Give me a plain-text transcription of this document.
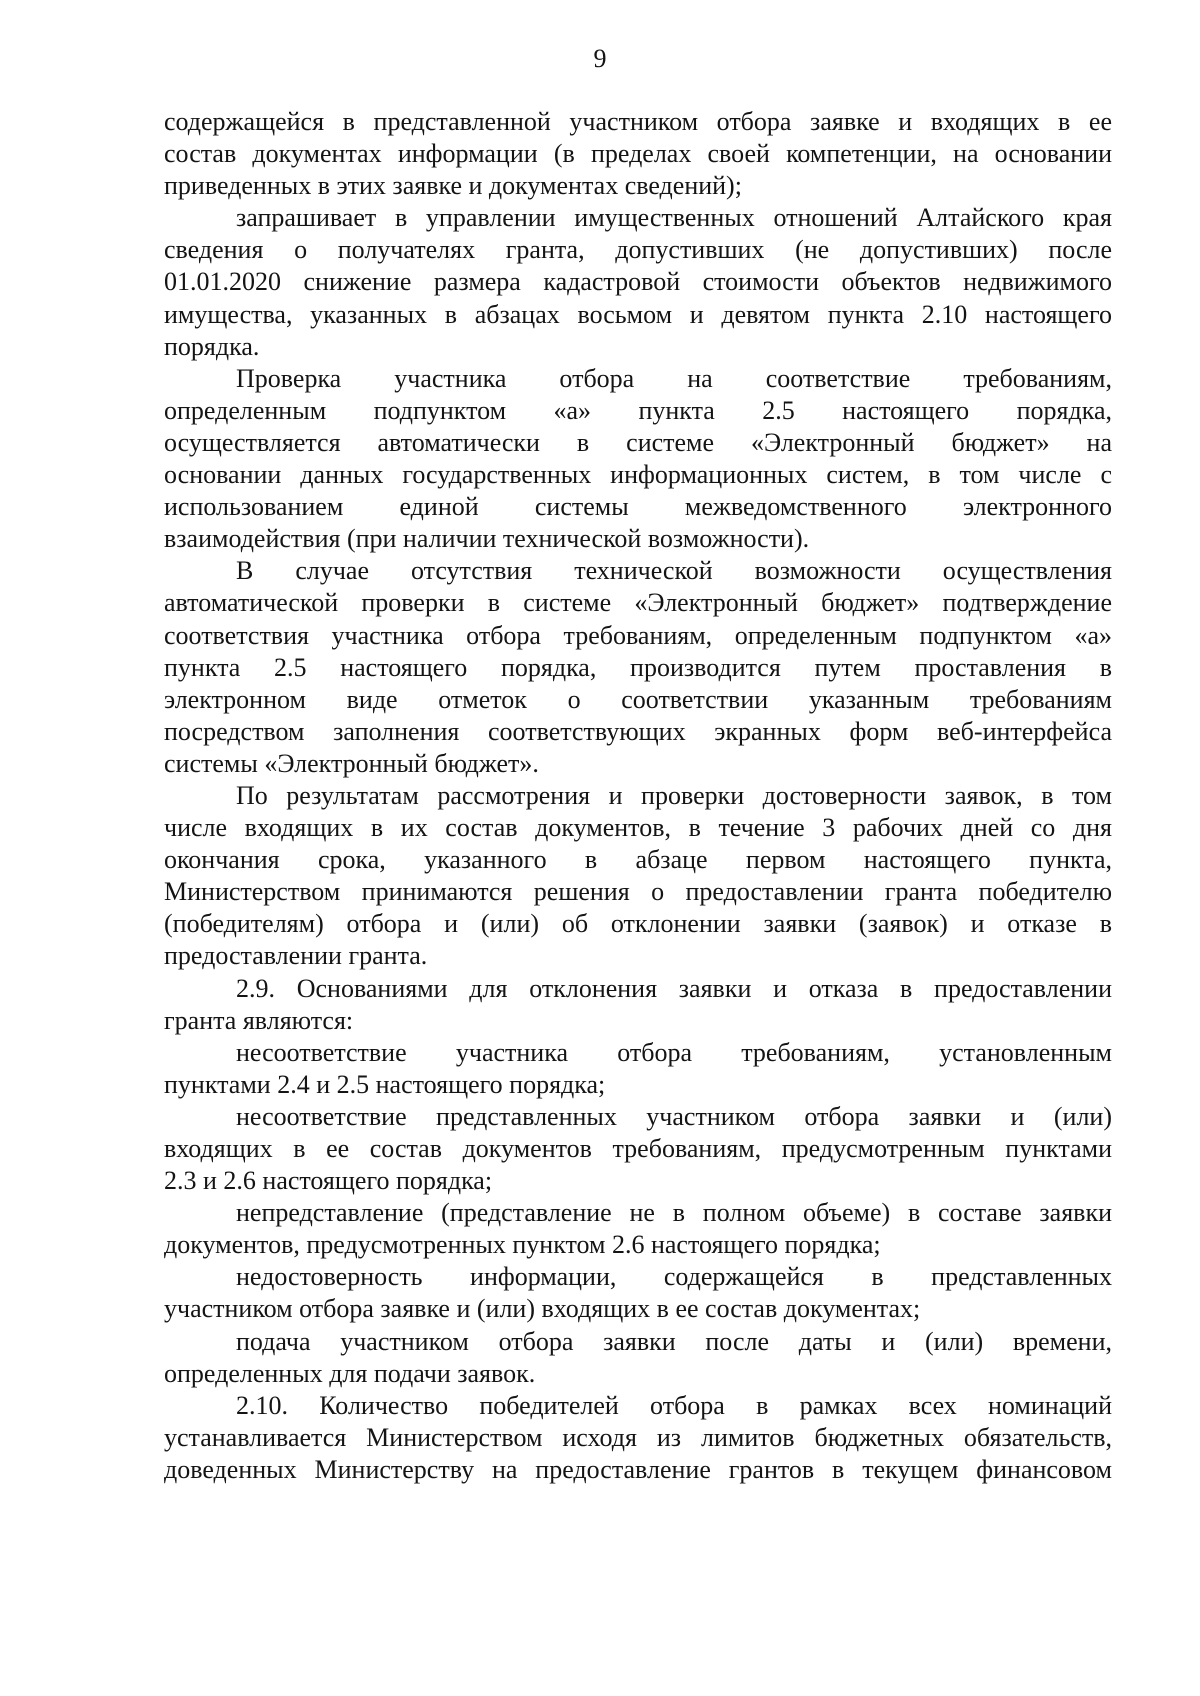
9
содержащейся в представленной участником отбора заявке и входящих в ее
состав документах информации (в пределах своей компетенции, на основании
приведенных в этих заявке и документах сведений);
запрашивает в управлении имущественных отношений Алтайского края
сведения о получателях гранта, допустивших (не допустивших) после
01.01.2020 снижение размера кадастровой стоимости объектов недвижимого
имущества, указанных в абзацах восьмом и девятом пункта 2.10 настоящего
порядка.
Проверка участника отбора на соответствие требованиям,
определенным подпунктом «а» пункта 2.5 настоящего порядка,
осуществляется автоматически в системе «Электронный бюджет» на
основании данных государственных информационных систем, в том числе с
использованием единой системы межведомственного электронного
взаимодействия (при наличии технической возможности).
В случае отсутствия технической возможности осуществления
автоматической проверки в системе «Электронный бюджет» подтверждение
соответствия участника отбора требованиям, определенным подпунктом «а»
пункта 2.5 настоящего порядка, производится путем проставления в
электронном виде отметок о соответствии указанным требованиям
посредством заполнения соответствующих экранных форм веб-интерфейса
системы «Электронный бюджет».
По результатам рассмотрения и проверки достоверности заявок, в том
числе входящих в их состав документов, в течение 3 рабочих дней со дня
окончания срока, указанного в абзаце первом настоящего пункта,
Министерством принимаются решения о предоставлении гранта победителю
(победителям) отбора и (или) об отклонении заявки (заявок) и отказе в
предоставлении гранта.
2.9. Основаниями для отклонения заявки и отказа в предоставлении
гранта являются:
несоответствие участника отбора требованиям, установленным
пунктами 2.4 и 2.5 настоящего порядка;
несоответствие представленных участником отбора заявки и (или)
входящих в ее состав документов требованиям, предусмотренным пунктами
2.3 и 2.6 настоящего порядка;
непредставление (представление не в полном объеме) в составе заявки
документов, предусмотренных пунктом 2.6 настоящего порядка;
недостоверность информации, содержащейся в представленных
участником отбора заявке и (или) входящих в ее состав документах;
подача участником отбора заявки после даты и (или) времени,
определенных для подачи заявок.
2.10. Количество победителей отбора в рамках всех номинаций
устанавливается Министерством исходя из лимитов бюджетных обязательств,
доведенных Министерству на предоставление грантов в текущем финансовом
